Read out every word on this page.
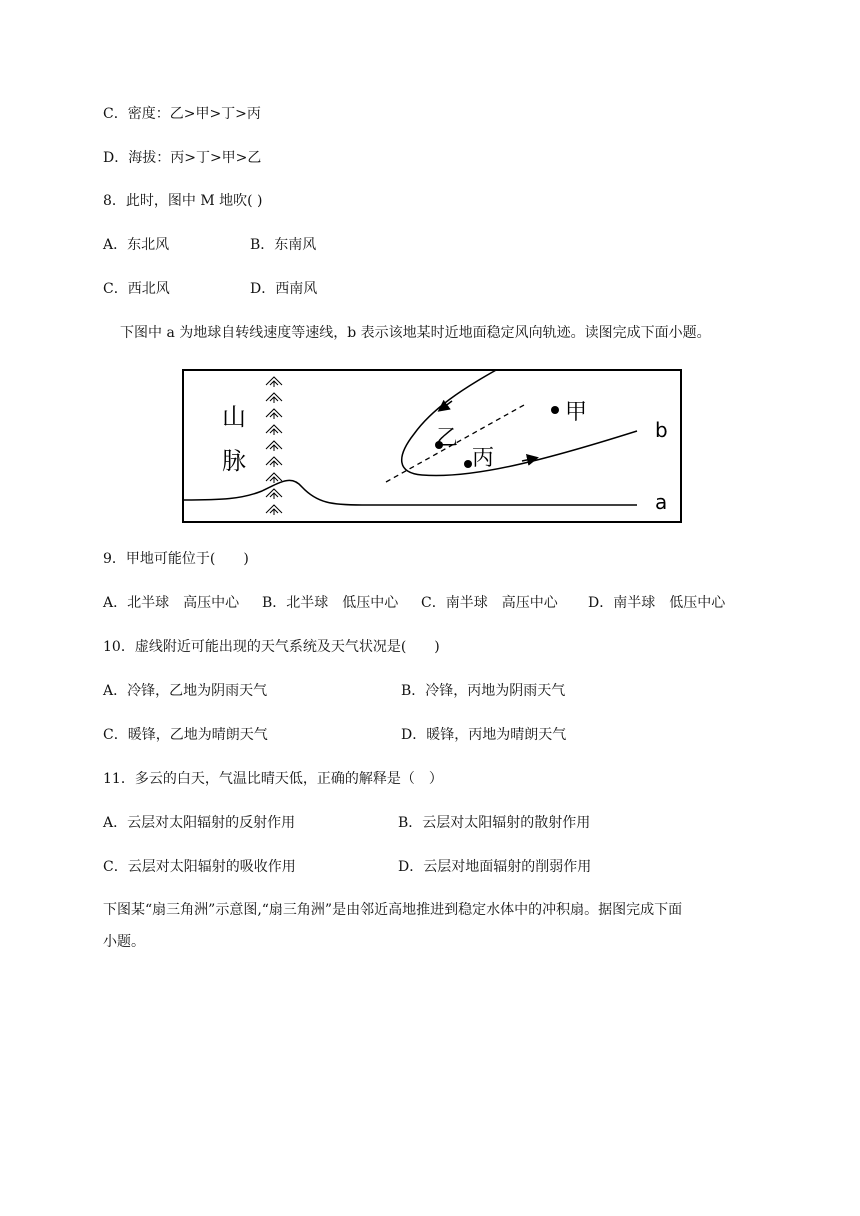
C．密度：乙>甲>丁>丙
D．海拔：丙>丁>甲>乙
8．此时，图中 M 地吹( )
A．东北风	B．东南风
C．西北风	D．西南风
下图中 a 为地球自转线速度等速线，b 表示该地某时近地面稳定风向轨迹。读图完成下面小题。
山
脉
甲
乙
丙
b
a
9．甲地可能位于(　　)
A．北半球　高压中心 B．北半球　低压中心 C．南半球　高压中心 D．南半球　低压中心
10．虚线附近可能出现的天气系统及天气状况是(　　)
A．冷锋，乙地为阴雨天气	B．冷锋，丙地为阴雨天气
C．暖锋，乙地为晴朗天气	D．暖锋，丙地为晴朗天气
11．多云的白天，气温比晴天低，正确的解释是（　）
A．云层对太阳辐射的反射作用	B．云层对太阳辐射的散射作用
C．云层对太阳辐射的吸收作用	D．云层对地面辐射的削弱作用
下图某“扇三角洲”示意图,“扇三角洲”是由邻近高地推进到稳定水体中的冲积扇。据图完成下面
小题。
